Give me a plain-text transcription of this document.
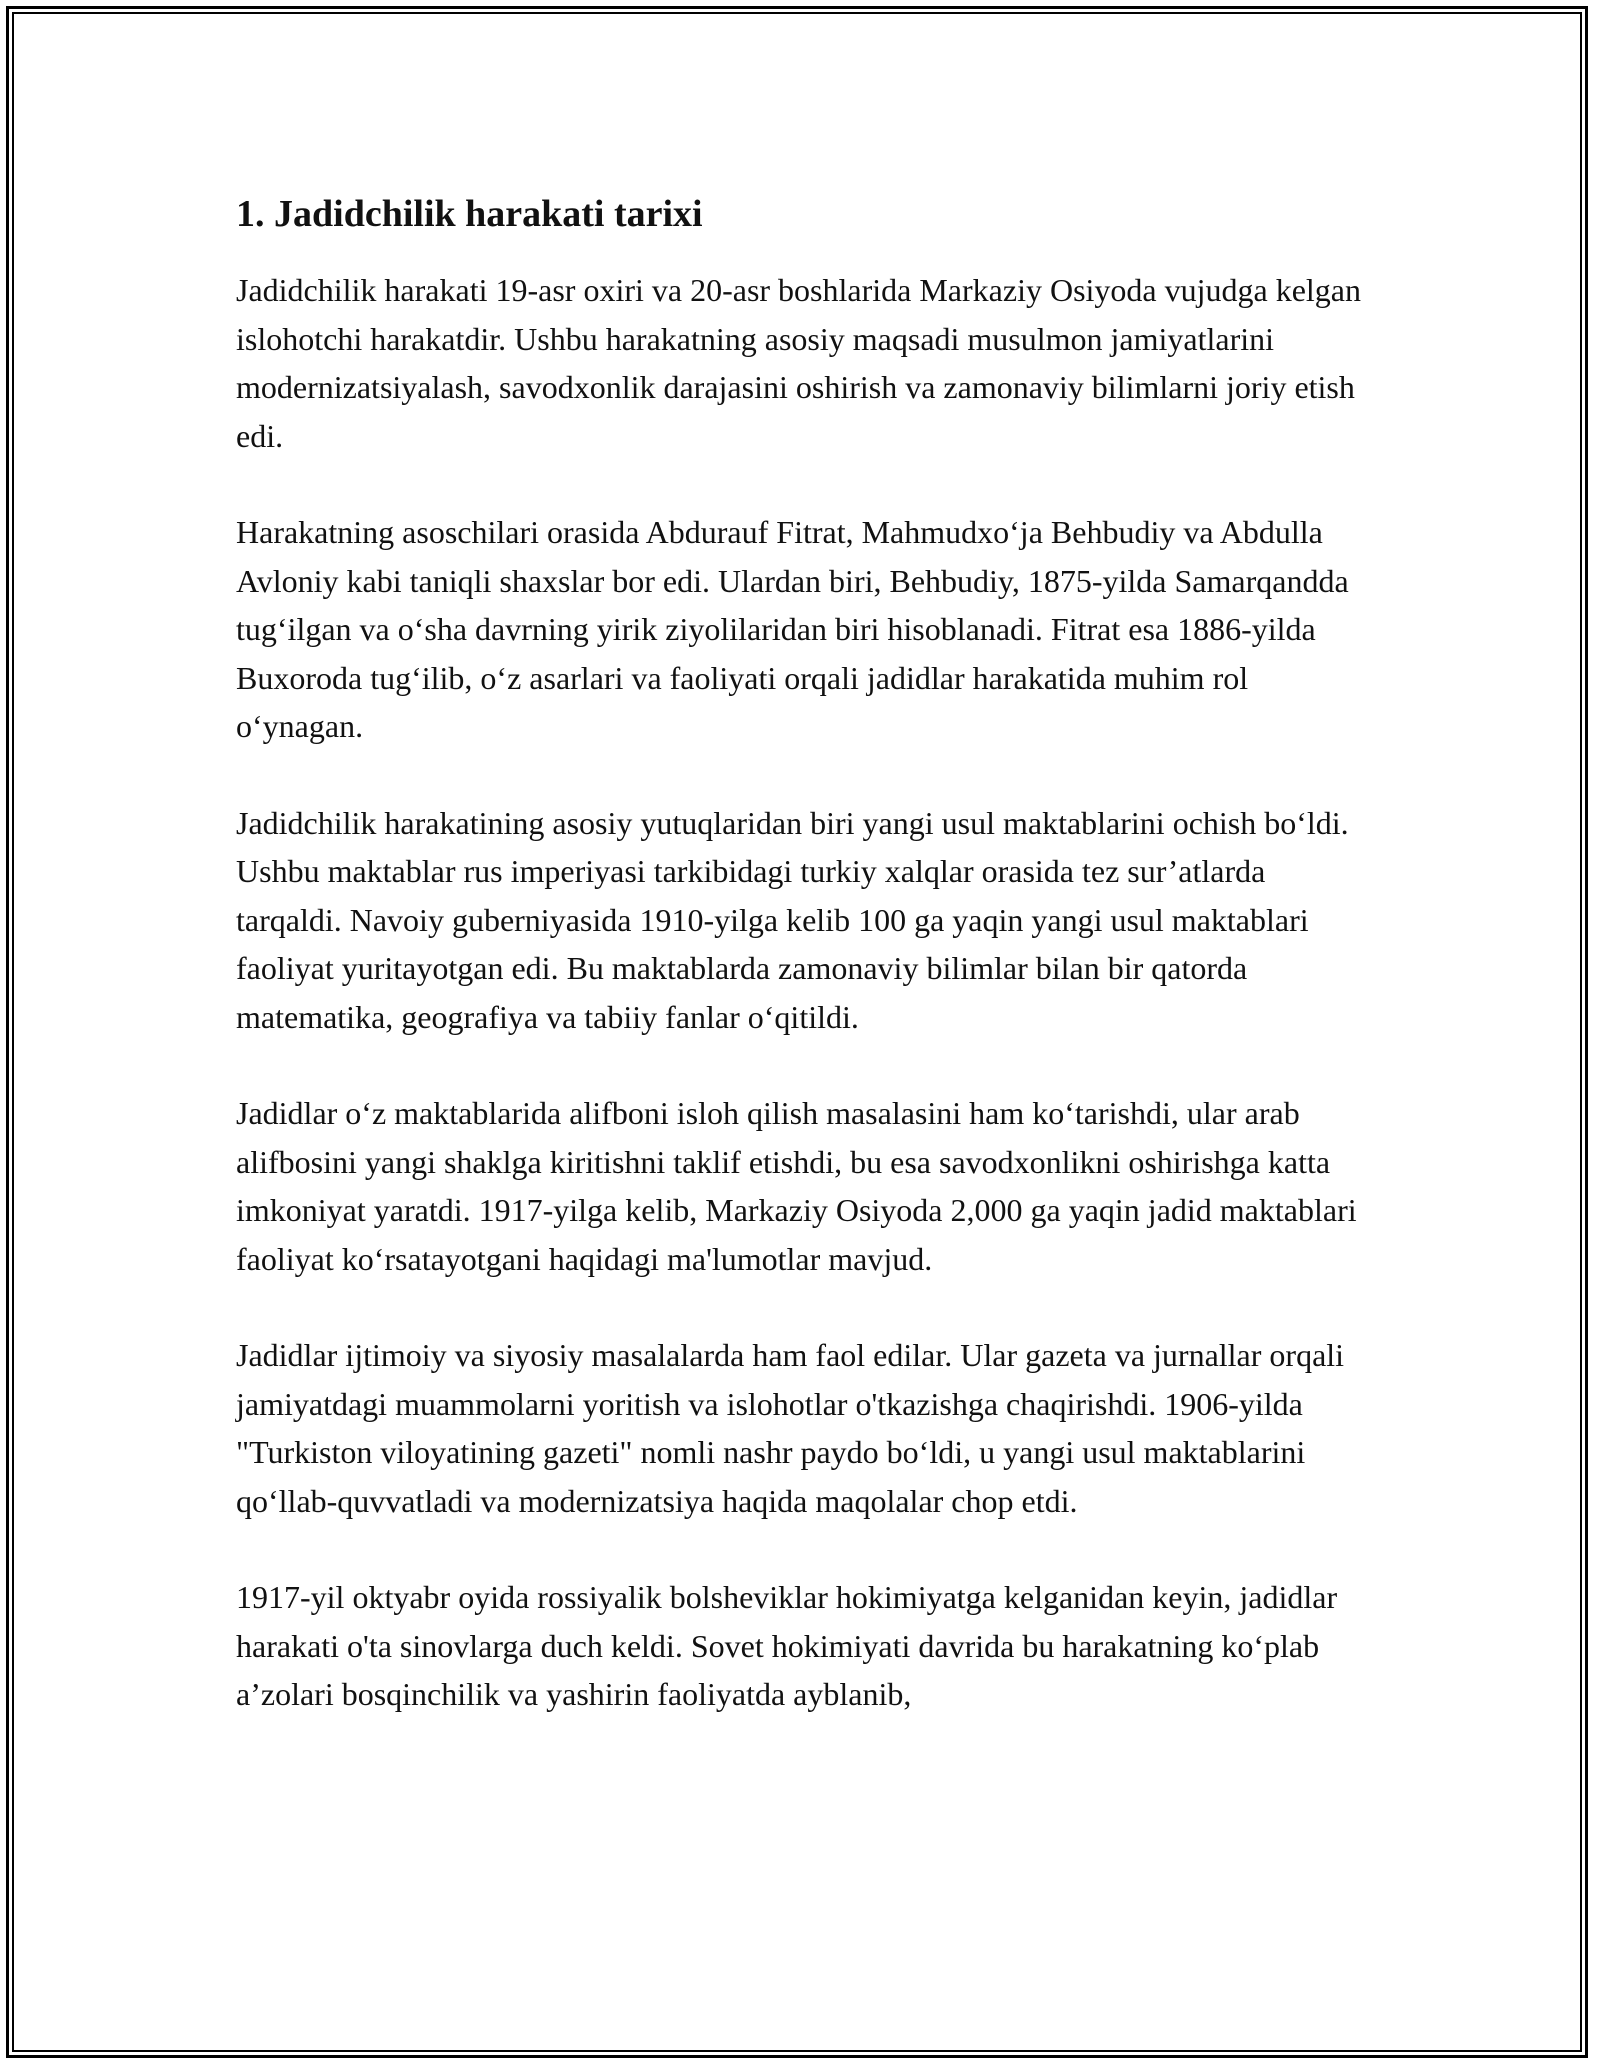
1. Jadidchilik harakati tarixi

Jadidchilik harakati 19-asr oxiri va 20-asr boshlarida Markaziy Osiyoda vujudga kelgan islohotchi harakatdir. Ushbu harakatning asosiy maqsadi musulmon jamiyatlarini modernizatsiyalash, savodxonlik darajasini oshirish va zamonaviy bilimlarni joriy etish edi.

Harakatning asoschilari orasida Abdurauf Fitrat, Mahmudxo‘ja Behbudiy va Abdulla Avloniy kabi taniqli shaxslar bor edi. Ulardan biri, Behbudiy, 1875-yilda Samarqandda tug‘ilgan va o‘sha davrning yirik ziyolilaridan biri hisoblanadi. Fitrat esa 1886-yilda Buxoroda tug‘ilib, o‘z asarlari va faoliyati orqali jadidlar harakatida muhim rol o‘ynagan.

Jadidchilik harakatining asosiy yutuqlaridan biri yangi usul maktablarini ochish bo‘ldi. Ushbu maktablar rus imperiyasi tarkibidagi turkiy xalqlar orasida tez sur’atlarda tarqaldi. Navoiy guberniyasida 1910-yilga kelib 100 ga yaqin yangi usul maktablari faoliyat yuritayotgan edi. Bu maktablarda zamonaviy bilimlar bilan bir qatorda matematika, geografiya va tabiiy fanlar o‘qitildi.

Jadidlar o‘z maktablarida alifboni isloh qilish masalasini ham ko‘tarishdi, ular arab alifbosini yangi shaklga kiritishni taklif etishdi, bu esa savodxonlikni oshirishga katta imkoniyat yaratdi. 1917-yilga kelib, Markaziy Osiyoda 2,000 ga yaqin jadid maktablari faoliyat ko‘rsatayotgani haqidagi ma'lumotlar mavjud.

Jadidlar ijtimoiy va siyosiy masalalarda ham faol edilar. Ular gazeta va jurnallar orqali jamiyatdagi muammolarni yoritish va islohotlar o'tkazishga chaqirishdi. 1906-yilda "Turkiston viloyatining gazeti" nomli nashr paydo bo‘ldi, u yangi usul maktablarini qo‘llab-quvvatladi va modernizatsiya haqida maqolalar chop etdi.

1917-yil oktyabr oyida rossiyalik bolsheviklar hokimiyatga kelganidan keyin, jadidlar harakati o'ta sinovlarga duch keldi. Sovet hokimiyati davrida bu harakatning ko‘plab a’zolari bosqinchilik va yashirin faoliyatda ayblanib,
